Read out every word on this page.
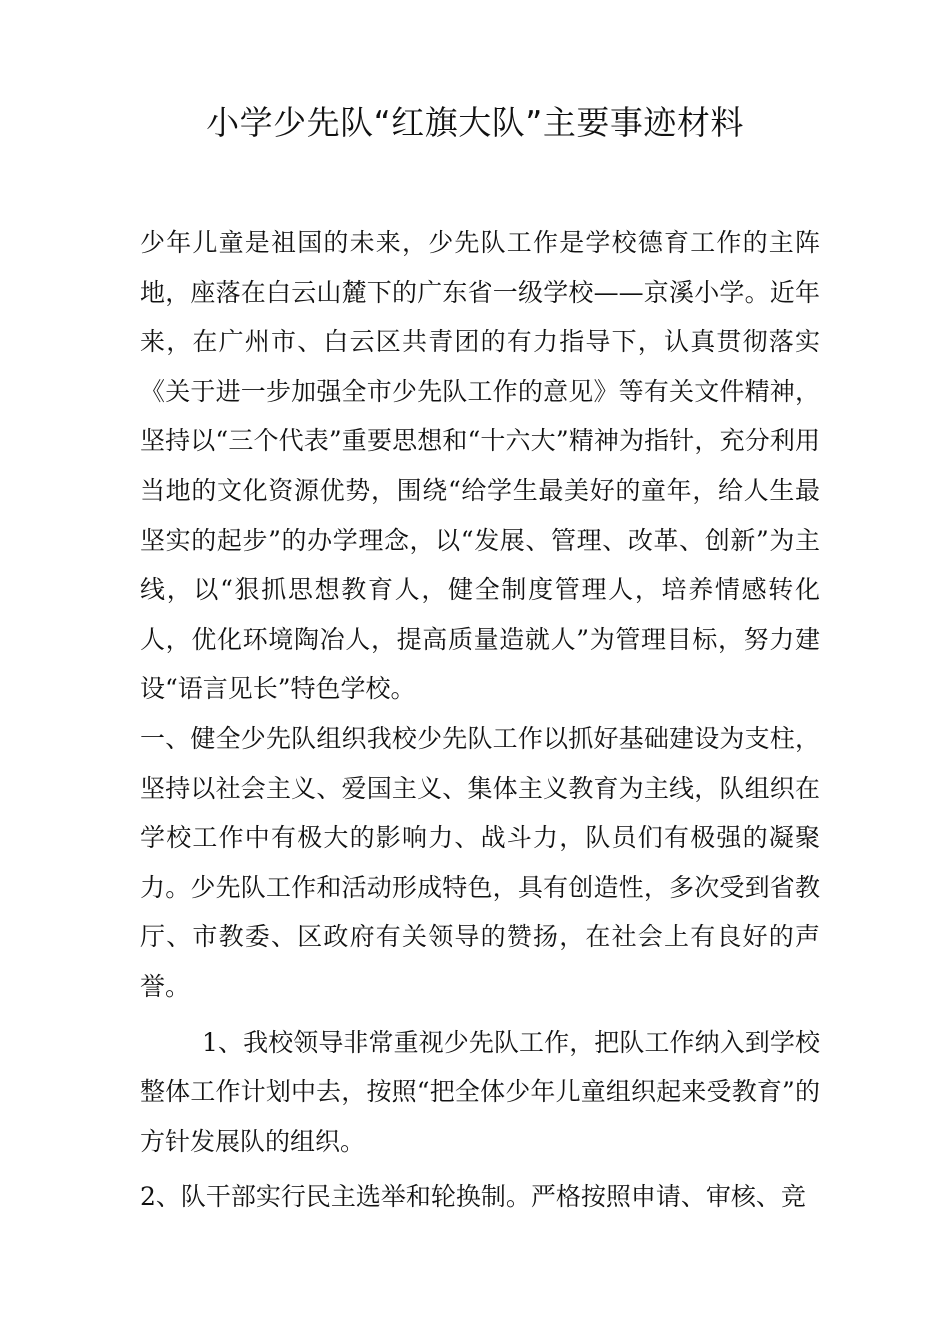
小学少先队“红旗大队”主要事迹材料

少年儿童是祖国的未来，少先队工作是学校德育工作的主阵地，座落在白云山麓下的广东省一级学校——京溪小学。近年来，在广州市、白云区共青团的有力指导下，认真贯彻落实《关于进一步加强全市少先队工作的意见》等有关文件精神，坚持以“三个代表”重要思想和“十六大”精神为指针，充分利用当地的文化资源优势，围绕“给学生最美好的童年，给人生最坚实的起步”的办学理念，以“发展、管理、改革、创新”为主线，以“狠抓思想教育人，健全制度管理人，培养情感转化人，优化环境陶冶人，提高质量造就人”为管理目标，努力建设“语言见长”特色学校。

一、健全少先队组织我校少先队工作以抓好基础建设为支柱，坚持以社会主义、爱国主义、集体主义教育为主线，队组织在学校工作中有极大的影响力、战斗力，队员们有极强的凝聚力。少先队工作和活动形成特色，具有创造性，多次受到省教厅、市教委、区政府有关领导的赞扬，在社会上有良好的声誉。

1、我校领导非常重视少先队工作，把队工作纳入到学校整体工作计划中去，按照“把全体少年儿童组织起来受教育”的方针发展队的组织。

2、队干部实行民主选举和轮换制。严格按照申请、审核、竞
